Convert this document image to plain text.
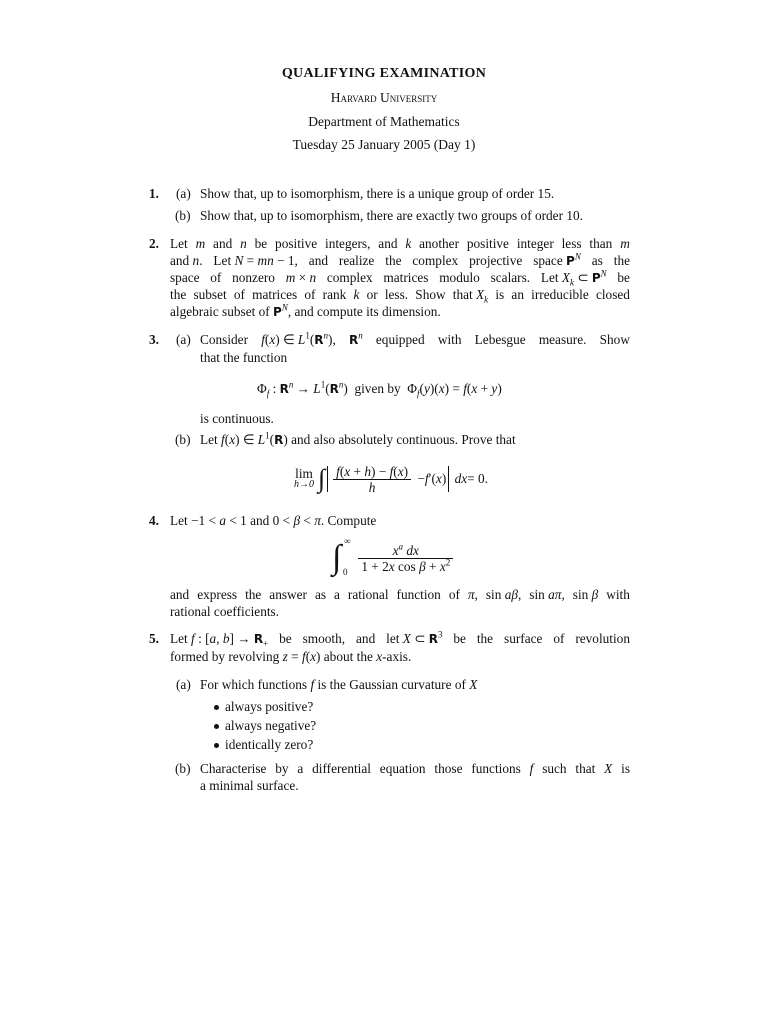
QUALIFYING EXAMINATION
Harvard University
Department of Mathematics
Tuesday 25 January 2005 (Day 1)
1. (a) Show that, up to isomorphism, there is a unique group of order 15.
(b) Show that, up to isomorphism, there are exactly two groups of order 10.
2. Let m and n be positive integers, and k another positive integer less than m
and n. Let N = mn − 1, and realize the complex projective space $P^N$ as the
space of nonzero m × n complex matrices modulo scalars. Let $X_k$ ⊂ $P^N$ be
the subset of matrices of rank k or less. Show that $X_k$ is an irreducible closed
algebraic subset of $P^N$, and compute its dimension.
3. (a) Consider f(x) ∈ $L^1(R^n)$, $R^n$ equipped with Lebesgue measure. Show
that the function
$\Phi_f$ : $R^n \to L^1(R^n)$  given by  $\Phi_f(y)(x) = f(x + y)$
is continuous.
(b) Let f(x) ∈ $L^1(R)$ and also absolutely continuous. Prove that
lim
h→0 ∫ $\frac{f(x + h) - f(x)}{h} - f$ ′( x )
dx = 0.
4. Let −1 < a < 1 and 0 < β < π. Compute
∫ ∞
$0 \frac{x^a dx}{1 + 2x \cos \beta + x^2}$
and express the answer as a rational function of π, sin aβ, sin aπ, sin β with
rational coefficients.
5. Let f : [a, $b] \to R_+$ be smooth, and let X ⊂ $R^3$ be the surface of revolution
formed by revolving z = f(x) about the x-axis.
(a) For which functions f is the Gaussian curvature of X
always positive?
always negative?
identically zero?
(b) Characterise by a differential equation those functions f such that X is
a minimal surface.
